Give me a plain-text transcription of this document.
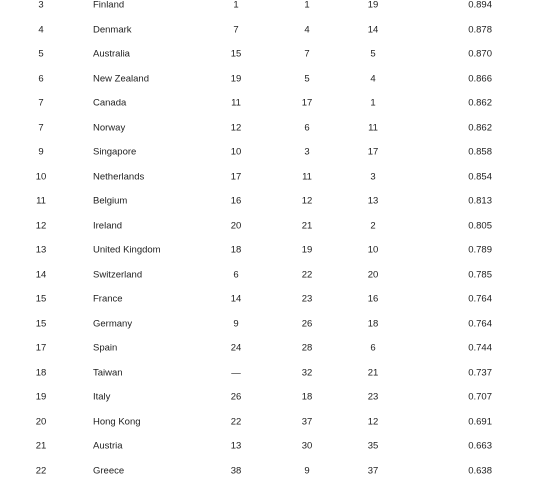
3	Finland	1	1	19	0.894
4	Denmark	7	4	14	0.878
5	Australia	15	7	5	0.870
6	New Zealand	19	5	4	0.866
7	Canada	11	17	1	0.862
7	Norway	12	6	11	0.862
9	Singapore	10	3	17	0.858
10	Netherlands	17	11	3	0.854
11	Belgium	16	12	13	0.813
12	Ireland	20	21	2	0.805
13	United Kingdom	18	19	10	0.789
14	Switzerland	6	22	20	0.785
15	France	14	23	16	0.764
15	Germany	9	26	18	0.764
17	Spain	24	28	6	0.744
18	Taiwan	—	32	21	0.737
19	Italy	26	18	23	0.707
20	Hong Kong	22	37	12	0.691
21	Austria	13	30	35	0.663
22	Greece	38	9	37	0.638
